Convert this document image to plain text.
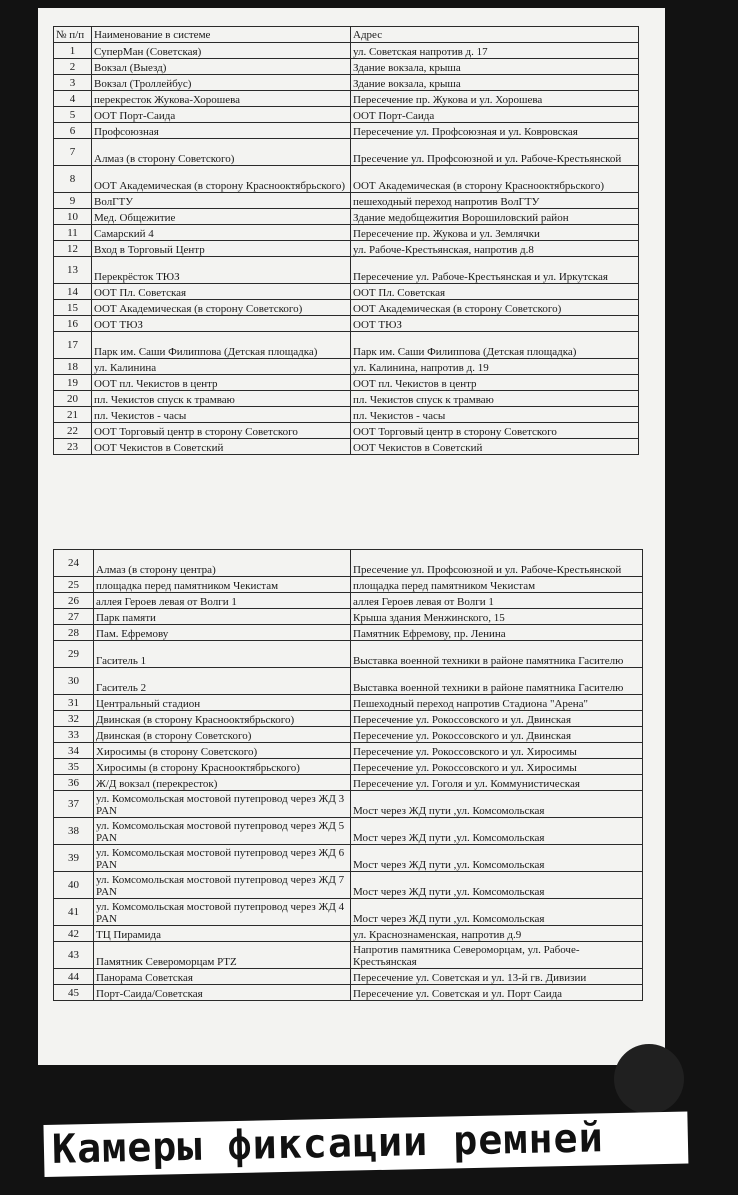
№ п/п	Наименование в системе	Адрес
1	СуперМан (Советская)	ул. Советская напротив д. 17
2	Вокзал (Выезд)	Здание вокзала, крыша
3	Вокзал (Троллейбус)	Здание вокзала, крыша
4	перекресток Жукова-Хорошева	Пересечение пр. Жукова и ул. Хорошева
5	ООТ Порт-Саида	ООТ Порт-Саида
6	Профсоюзная	Пересечение ул. Профсоюзная и ул. Ковровская
7	Алмаз (в сторону Советского)	Пресечение ул. Профсоюзной и ул. Рабоче-Крестьянской
8	ООТ Академическая (в сторону Краснооктябрьского)	ООТ Академическая (в сторону Краснооктябрьского)
9	ВолГТУ	пешеходный переход напротив ВолГТУ
10	Мед. Общежитие	Здание медобщежития Ворошиловский район
11	Самарский 4	Пересечение пр. Жукова и ул. Землячки
12	Вход в Торговый Центр	ул. Рабоче-Крестьянская, напротив д.8
13	Перекрёсток ТЮЗ	Пересечение ул. Рабоче-Крестьянская и ул. Иркутская
14	ООТ Пл. Советская	ООТ Пл. Советская
15	ООТ Академическая (в сторону Советского)	ООТ Академическая (в сторону Советского)
16	ООТ ТЮЗ	ООТ ТЮЗ
17	Парк им. Саши Филиппова (Детская площадка)	Парк им. Саши Филиппова (Детская площадка)
18	ул. Калинина	ул. Калинина, напротив д. 19
19	ООТ пл. Чекистов в центр	ООТ пл. Чекистов в центр
20	пл. Чекистов спуск к трамваю	пл. Чекистов спуск к трамваю
21	пл. Чекистов - часы	пл. Чекистов - часы
22	ООТ Торговый центр в сторону Советского	ООТ Торговый центр в сторону Советского
23	ООТ Чекистов в Советский	ООТ Чекистов в Советский
24	Алмаз (в сторону центра)	Пресечение ул. Профсоюзной и ул. Рабоче-Крестьянской
25	площадка перед памятником Чекистам	площадка перед памятником Чекистам
26	аллея Героев левая от Волги 1	аллея Героев левая от Волги 1
27	Парк памяти	Крыша здания Менжинского, 15
28	Пам. Ефремову	Памятник Ефремову, пр. Ленина
29	Гаситель 1	Выставка военной техники в районе памятника Гасителю
30	Гаситель 2	Выставка военной техники в районе памятника Гасителю
31	Центральный стадион	Пешеходный переход напротив Стадиона "Арена"
32	Двинская (в сторону Краснооктябрьского)	Пересечение ул. Рокоссовского и ул. Двинская
33	Двинская (в сторону Советского)	Пересечение ул. Рокоссовского и ул. Двинская
34	Хиросимы (в сторону Советского)	Пересечение ул. Рокоссовского и ул. Хиросимы
35	Хиросимы (в сторону Краснооктябрьского)	Пересечение ул. Рокоссовского и ул. Хиросимы
36	Ж/Д вокзал (перекресток)	Пересечение ул. Гоголя и ул. Коммунистическая
37	ул. Комсомольская мостовой путепровод через ЖД 3 PAN	Мост через ЖД пути ,ул. Комсомольская
38	ул. Комсомольская мостовой путепровод через ЖД 5 PAN	Мост через ЖД пути ,ул. Комсомольская
39	ул. Комсомольская мостовой путепровод через ЖД 6 PAN	Мост через ЖД пути ,ул. Комсомольская
40	ул. Комсомольская мостовой путепровод через ЖД 7 PAN	Мост через ЖД пути ,ул. Комсомольская
41	ул. Комсомольская мостовой путепровод через ЖД 4 PAN	Мост через ЖД пути ,ул. Комсомольская
42	ТЦ Пирамида	ул. Краснознаменская, напротив д.9
43	Памятник Североморцам PTZ	Напротив памятника Североморцам, ул. Рабоче-Крестьянская
44	Панорама Советская	Пересечение ул. Советская и ул. 13-й гв. Дивизии
45	Порт-Саида/Советская	Пересечение ул. Советская и ул. Порт Саида
Камеры фиксации ремней
